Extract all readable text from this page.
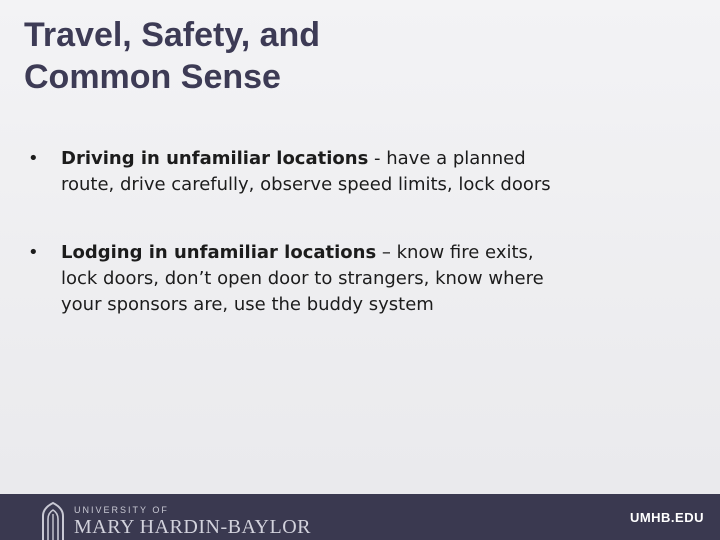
Travel, Safety, and
Common Sense
• Driving in unfamiliar locations - have a planned route, drive carefully, observe speed limits, lock doors
• Lodging in unfamiliar locations – know fire exits, lock doors, don’t open door to strangers, know where your sponsors are, use the buddy system
UNIVERSITY OF
MARY HARDIN-BAYLOR	UMHB.EDU
